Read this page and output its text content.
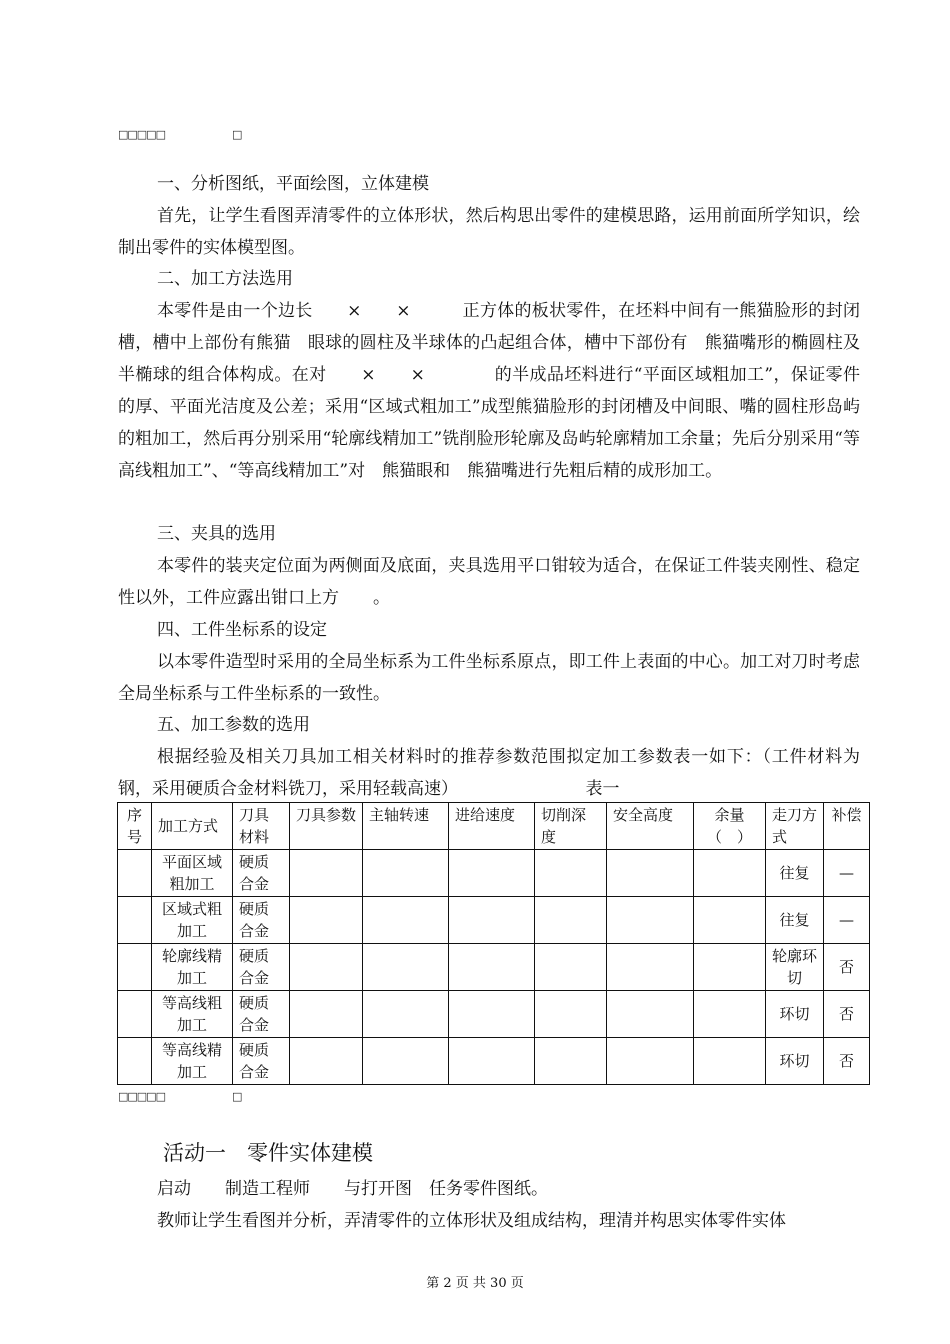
□□□□□	□
一、分析图纸，平面绘图，立体建模
首先，让学生看图弄清零件的立体形状，然后构思出零件的建模思路，运用前面所学知识，绘制出零件的实体模型图。
二、加工方法选用
本零件是由一个边长　　×　　×　　　正方体的板状零件，在坯料中间有一熊猫脸形的封闭槽，槽中上部份有熊猫　眼球的圆柱及半球体的凸起组合体，槽中下部份有　熊猫嘴形的椭圆柱及半椭球的组合体构成。在对　　×　　×　　　　的半成品坯料进行“平面区域粗加工”，保证零件　　　的厚、平面光洁度及公差；采用“区域式粗加工”成型熊猫脸形的封闭槽及中间眼、嘴的圆柱形岛屿的粗加工，然后再分别采用“轮廓线精加工”铣削脸形轮廓及岛屿轮廓精加工余量；先后分别采用“等高线粗加工”、“等高线精加工”对　熊猫眼和　熊猫嘴进行先粗后精的成形加工。
三、夹具的选用
本零件的装夹定位面为两侧面及底面，夹具选用平口钳较为适合，在保证工件装夹刚性、稳定性以外，工件应露出钳口上方　　。
四、工件坐标系的设定
以本零件造型时采用的全局坐标系为工件坐标系原点，即工件上表面的中心。加工对刀时考虑全局坐标系与工件坐标系的一致性。
五、加工参数的选用
根据经验及相关刀具加工相关材料时的推荐参数范围拟定加工参数表一如下：（工件材料为　钢，采用硬质合金材料铣刀，采用轻载高速）　　　　　　　　表一
序号	加工方式	刀具材料	刀具参数	主轴转速	进给速度	切削深度	安全高度	余量（　）	走刀方式	补偿
	平面区域粗加工	硬质合金							往复	—
	区域式粗加工	硬质合金							往复	—
	轮廓线精加工	硬质合金							轮廓环切	否
	等高线粗加工	硬质合金							环切	否
	等高线精加工	硬质合金							环切	否
□□□□□	□
活动一　零件实体建模
启动　　制造工程师　　与打开图　任务零件图纸。
教师让学生看图并分析，弄清零件的立体形状及组成结构，理清并构思实体零件实体
第 2 页 共 30 页
